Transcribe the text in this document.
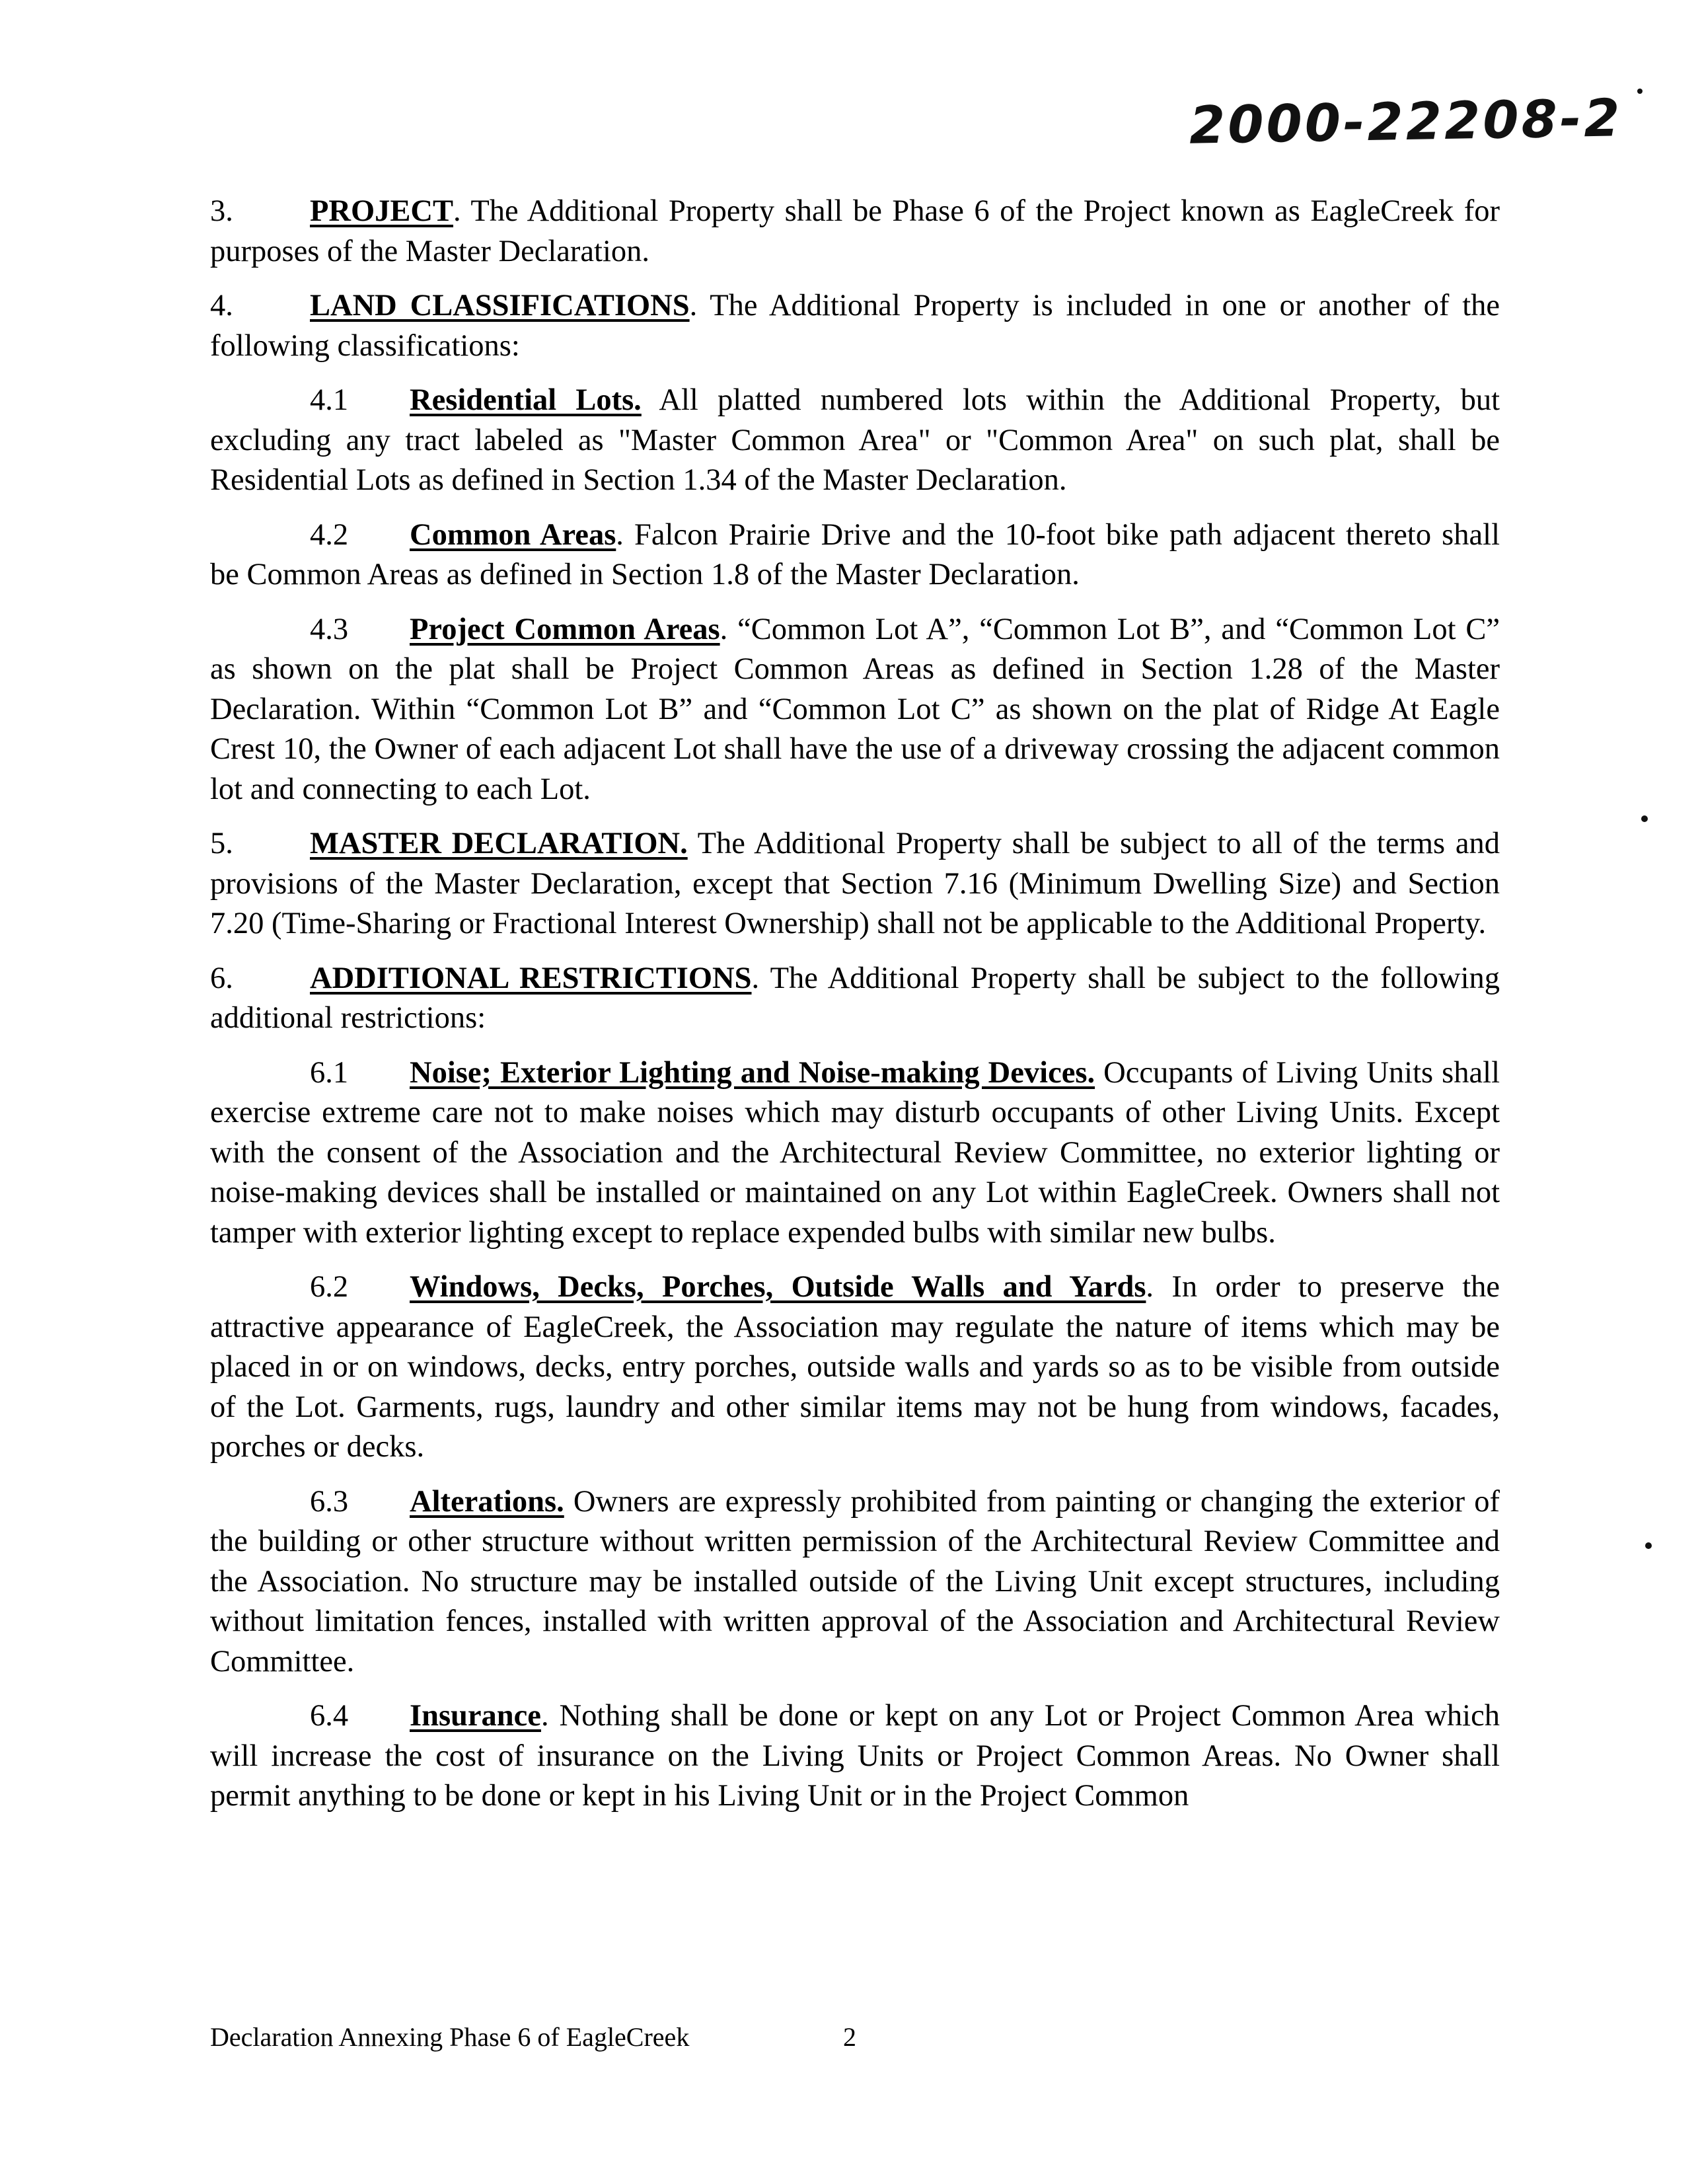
2000-22208-2

3. PROJECT. The Additional Property shall be Phase 6 of the Project known as EagleCreek for purposes of the Master Declaration.

4. LAND CLASSIFICATIONS. The Additional Property is included in one or another of the following classifications:

4.1 Residential Lots. All platted numbered lots within the Additional Property, but excluding any tract labeled as "Master Common Area" or "Common Area" on such plat, shall be Residential Lots as defined in Section 1.34 of the Master Declaration.

4.2 Common Areas. Falcon Prairie Drive and the 10-foot bike path adjacent thereto shall be Common Areas as defined in Section 1.8 of the Master Declaration.

4.3 Project Common Areas. “Common Lot A”, “Common Lot B”, and “Common Lot C” as shown on the plat shall be Project Common Areas as defined in Section 1.28 of the Master Declaration. Within “Common Lot B” and “Common Lot C” as shown on the plat of Ridge At Eagle Crest 10, the Owner of each adjacent Lot shall have the use of a driveway crossing the adjacent common lot and connecting to each Lot.

5. MASTER DECLARATION. The Additional Property shall be subject to all of the terms and provisions of the Master Declaration, except that Section 7.16 (Minimum Dwelling Size) and Section 7.20 (Time-Sharing or Fractional Interest Ownership) shall not be applicable to the Additional Property.

6. ADDITIONAL RESTRICTIONS. The Additional Property shall be subject to the following additional restrictions:

6.1 Noise; Exterior Lighting and Noise-making Devices. Occupants of Living Units shall exercise extreme care not to make noises which may disturb occupants of other Living Units. Except with the consent of the Association and the Architectural Review Committee, no exterior lighting or noise-making devices shall be installed or maintained on any Lot within EagleCreek. Owners shall not tamper with exterior lighting except to replace expended bulbs with similar new bulbs.

6.2 Windows, Decks, Porches, Outside Walls and Yards. In order to preserve the attractive appearance of EagleCreek, the Association may regulate the nature of items which may be placed in or on windows, decks, entry porches, outside walls and yards so as to be visible from outside of the Lot. Garments, rugs, laundry and other similar items may not be hung from windows, facades, porches or decks.

6.3 Alterations. Owners are expressly prohibited from painting or changing the exterior of the building or other structure without written permission of the Architectural Review Committee and the Association. No structure may be installed outside of the Living Unit except structures, including without limitation fences, installed with written approval of the Association and Architectural Review Committee.

6.4 Insurance. Nothing shall be done or kept on any Lot or Project Common Area which will increase the cost of insurance on the Living Units or Project Common Areas. No Owner shall permit anything to be done or kept in his Living Unit or in the Project Common

Declaration Annexing Phase 6 of EagleCreek	2
